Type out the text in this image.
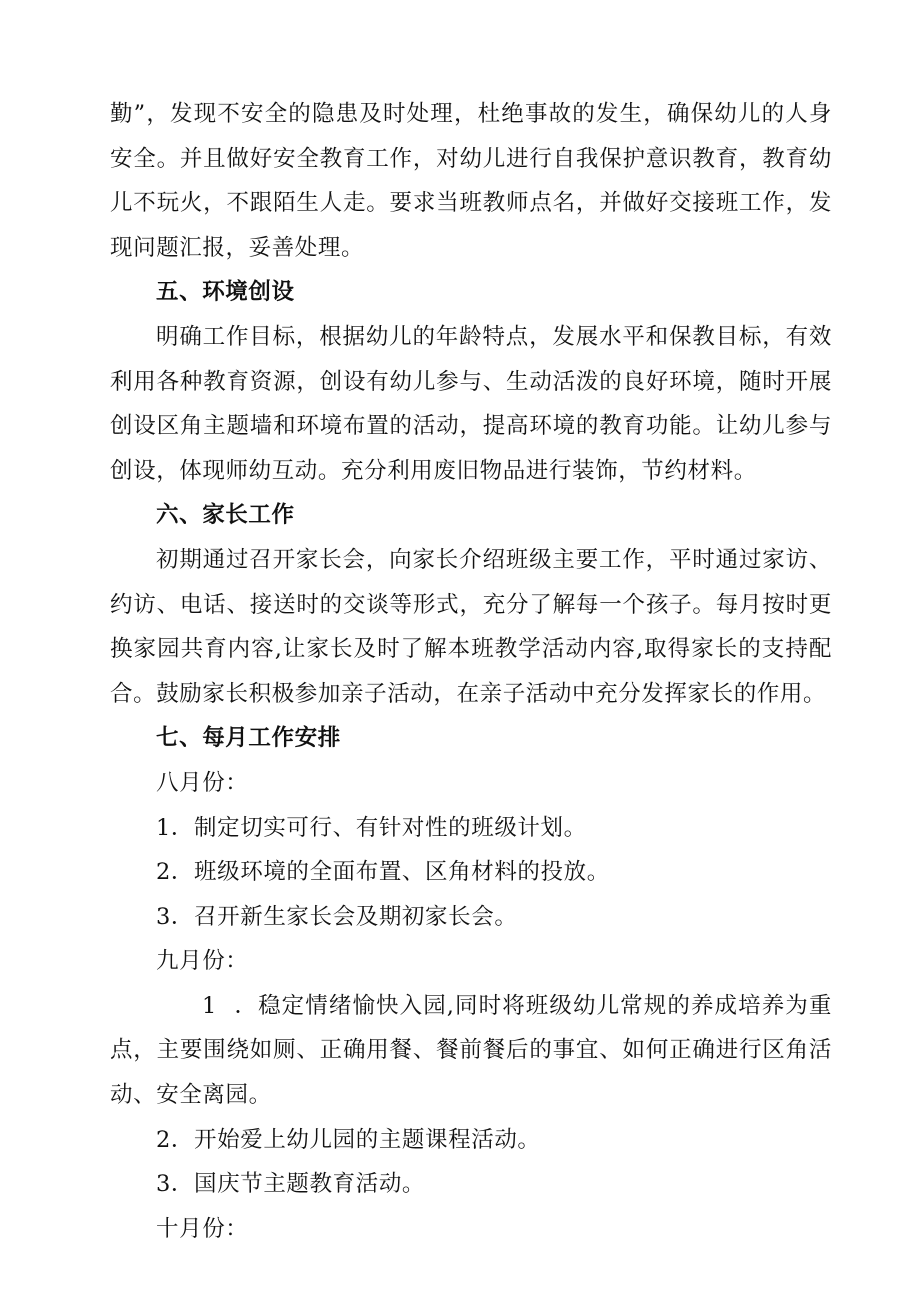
勤”，发现不安全的隐患及时处理，杜绝事故的发生，确保幼儿的人身安全。并且做好安全教育工作，对幼儿进行自我保护意识教育，教育幼儿不玩火，不跟陌生人走。要求当班教师点名，并做好交接班工作，发现问题汇报，妥善处理。

五、环境创设

明确工作目标，根据幼儿的年龄特点，发展水平和保教目标，有效利用各种教育资源，创设有幼儿参与、生动活泼的良好环境，随时开展创设区角主题墙和环境布置的活动，提高环境的教育功能。让幼儿参与创设，体现师幼互动。充分利用废旧物品进行装饰，节约材料。

六、家长工作

初期通过召开家长会，向家长介绍班级主要工作，平时通过家访、约访、电话、接送时的交谈等形式，充分了解每一个孩子。每月按时更换家园共育内容,让家长及时了解本班教学活动内容,取得家长的支持配合。鼓励家长积极参加亲子活动，在亲子活动中充分发挥家长的作用。

七、每月工作安排

八月份：

1．制定切实可行、有针对性的班级计划。

2．班级环境的全面布置、区角材料的投放。

3．召开新生家长会及期初家长会。

九月份：

1 ．稳定情绪愉快入园,同时将班级幼儿常规的养成培养为重点，主要围绕如厕、正确用餐、餐前餐后的事宜、如何正确进行区角活动、安全离园。

2．开始爱上幼儿园的主题课程活动。

3．国庆节主题教育活动。

十月份：
